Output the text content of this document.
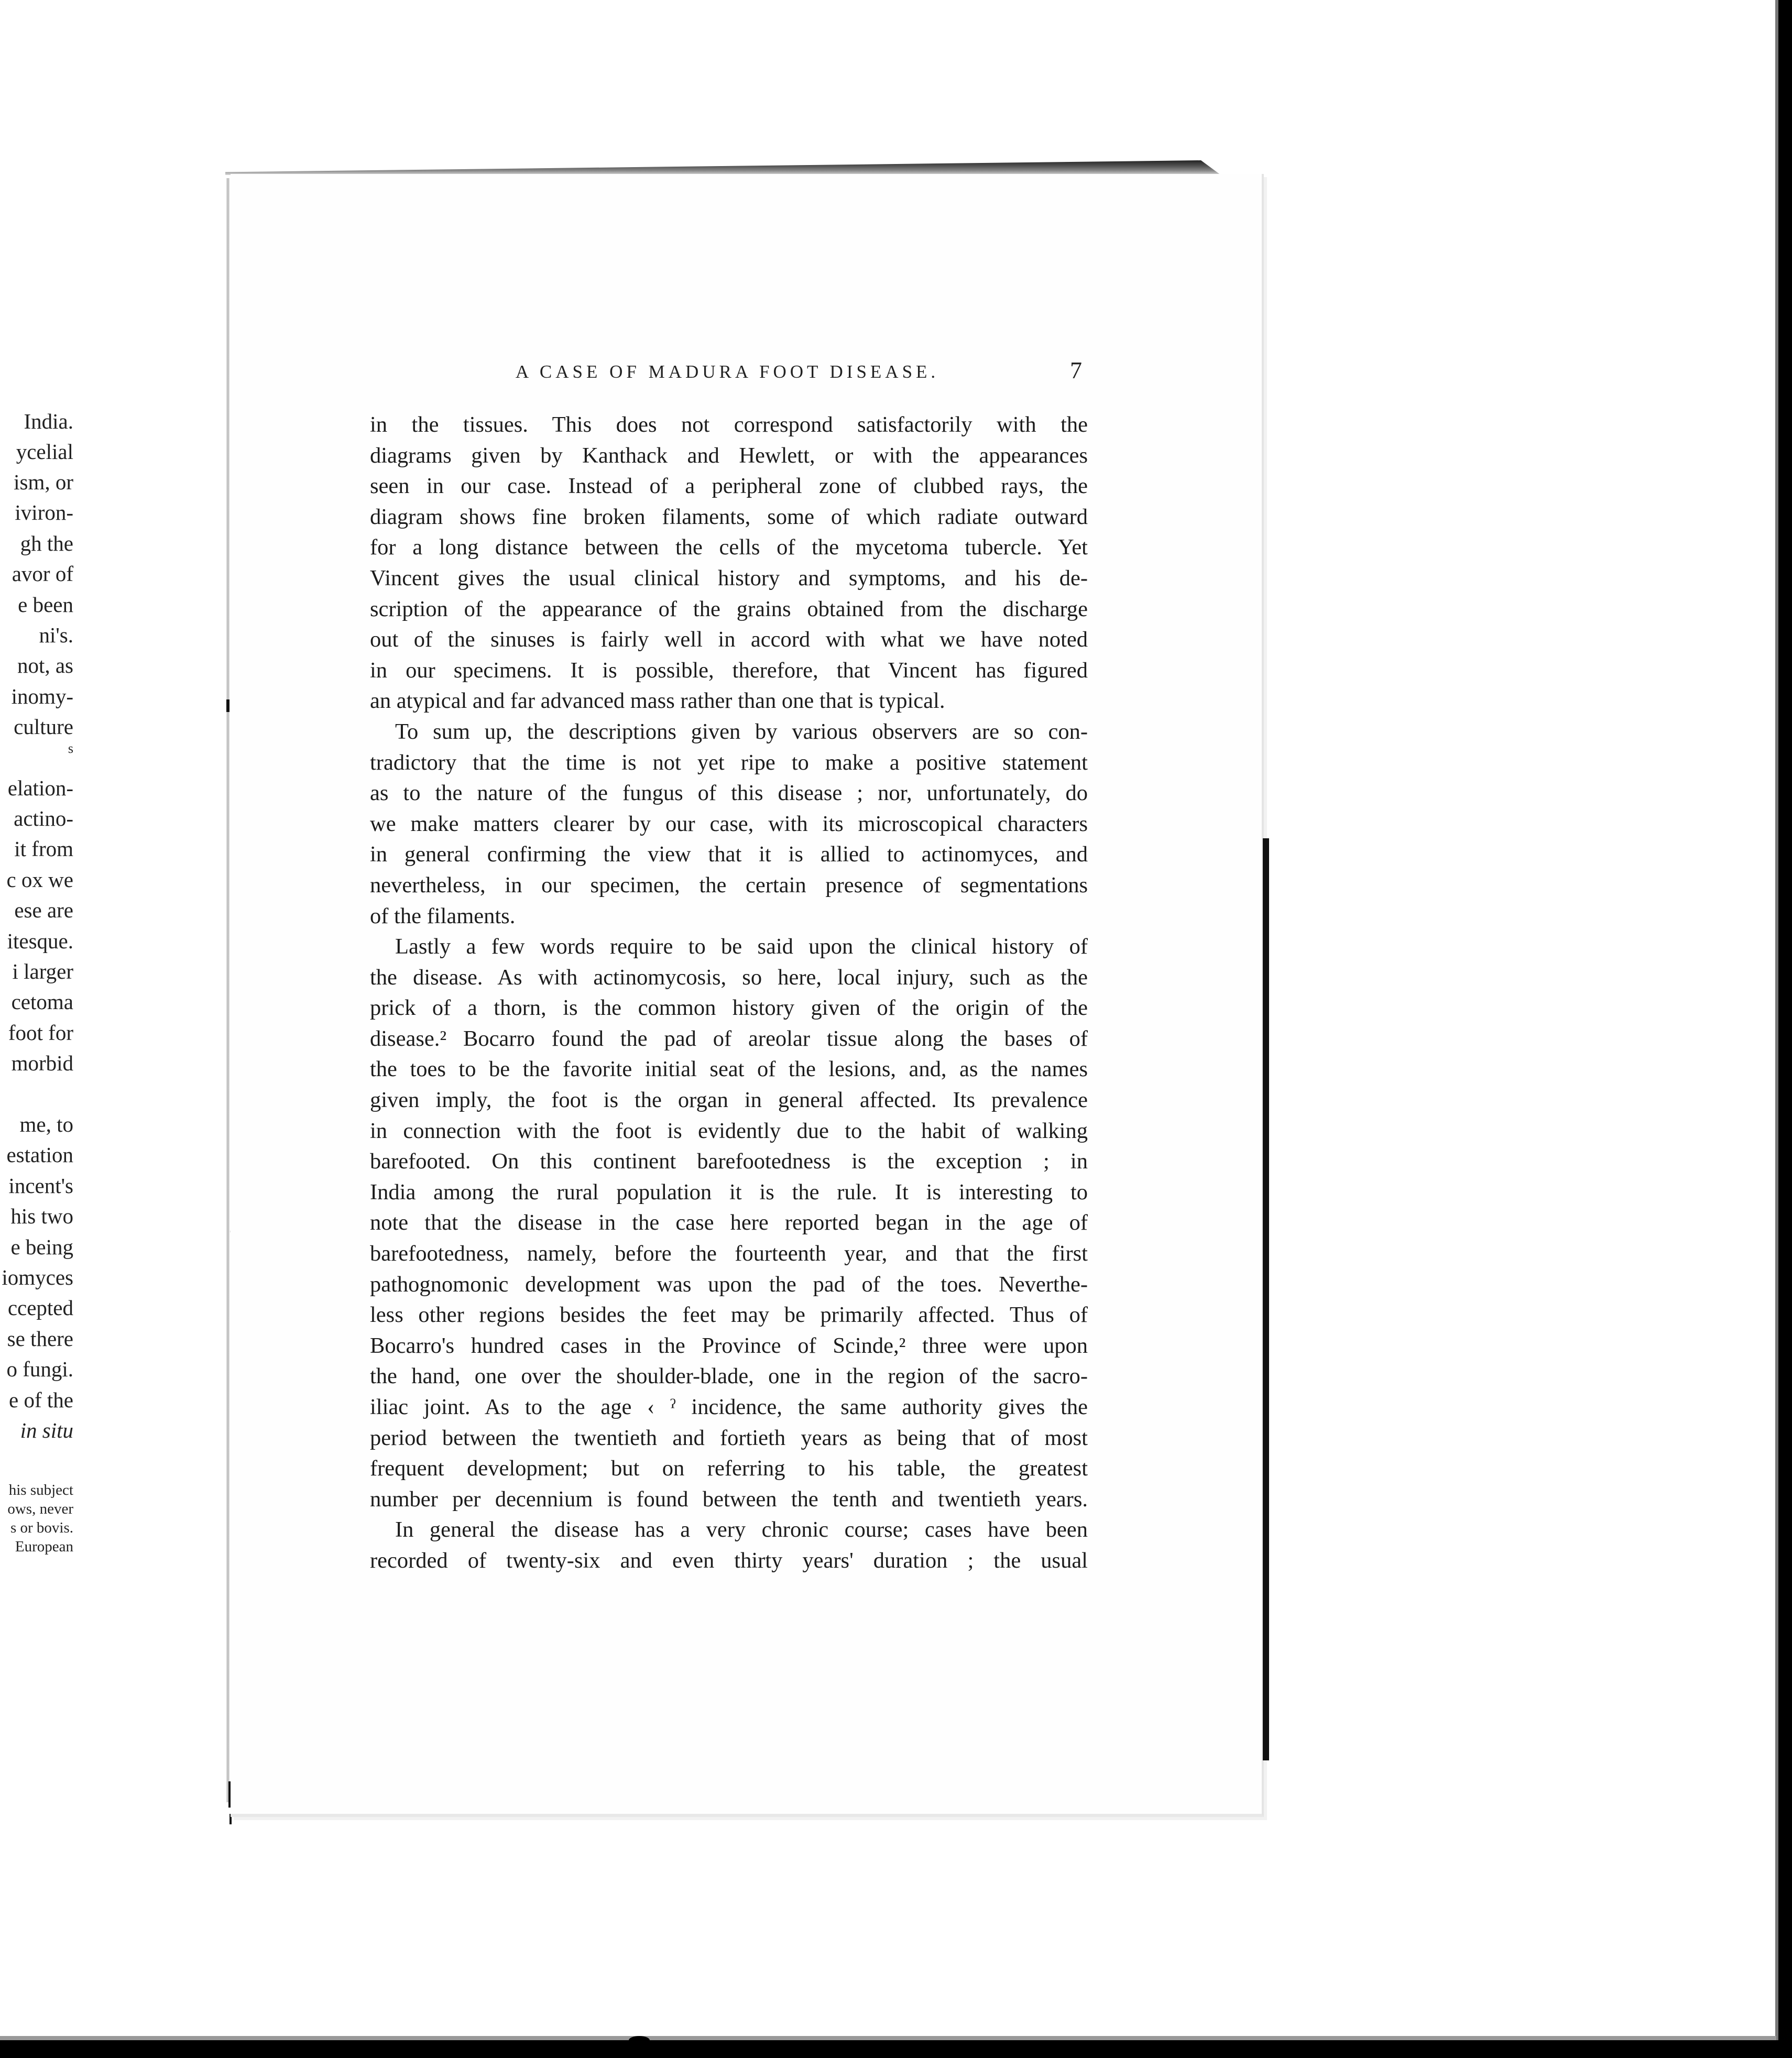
India.
ycelial
ism, or
iviron-
gh the
avor of
e been
ni's.
not, as
inomy-
culture
s
elation-
actino-
it from
c ox we
ese are
itesque.
i larger
cetoma
foot for
morbid
me, to
estation
incent's
his two
e being
iomyces
ccepted
se there
o fungi.
e of the
in situ
his subject
ows, never
s or bovis.
European
A CASE OF MADURA FOOT DISEASE.	7
in the tissues. This does not correspond satisfactorily with the
diagrams given by Kanthack and Hewlett, or with the appearances
seen in our case. Instead of a peripheral zone of clubbed rays, the
diagram shows fine broken filaments, some of which radiate outward
for a long distance between the cells of the mycetoma tubercle. Yet
Vincent gives the usual clinical history and symptoms, and his de-
scription of the appearance of the grains obtained from the discharge
out of the sinuses is fairly well in accord with what we have noted
in our specimens. It is possible, therefore, that Vincent has figured
an atypical and far advanced mass rather than one that is typical.
To sum up, the descriptions given by various observers are so con-
tradictory that the time is not yet ripe to make a positive statement
as to the nature of the fungus of this disease ; nor, unfortunately, do
we make matters clearer by our case, with its microscopical characters
in general confirming the view that it is allied to actinomyces, and
nevertheless, in our specimen, the certain presence of segmentations
of the filaments.
Lastly a few words require to be said upon the clinical history of
the disease. As with actinomycosis, so here, local injury, such as the
prick of a thorn, is the common history given of the origin of the
disease.² Bocarro found the pad of areolar tissue along the bases of
the toes to be the favorite initial seat of the lesions, and, as the names
given imply, the foot is the organ in general affected. Its prevalence
in connection with the foot is evidently due to the habit of walking
barefooted. On this continent barefootedness is the exception ; in
India among the rural population it is the rule. It is interesting to
note that the disease in the case here reported began in the age of
barefootedness, namely, before the fourteenth year, and that the first
pathognomonic development was upon the pad of the toes. Neverthe-
less other regions besides the feet may be primarily affected. Thus of
Bocarro's hundred cases in the Province of Scinde,² three were upon
the hand, one over the shoulder-blade, one in the region of the sacro-
iliac joint. As to the age ‹ ˀ incidence, the same authority gives the
period between the twentieth and fortieth years as being that of most
frequent development; but on referring to his table, the greatest
number per decennium is found between the tenth and twentieth years.
In general the disease has a very chronic course; cases have been
recorded of twenty-six and even thirty years' duration ; the usual
